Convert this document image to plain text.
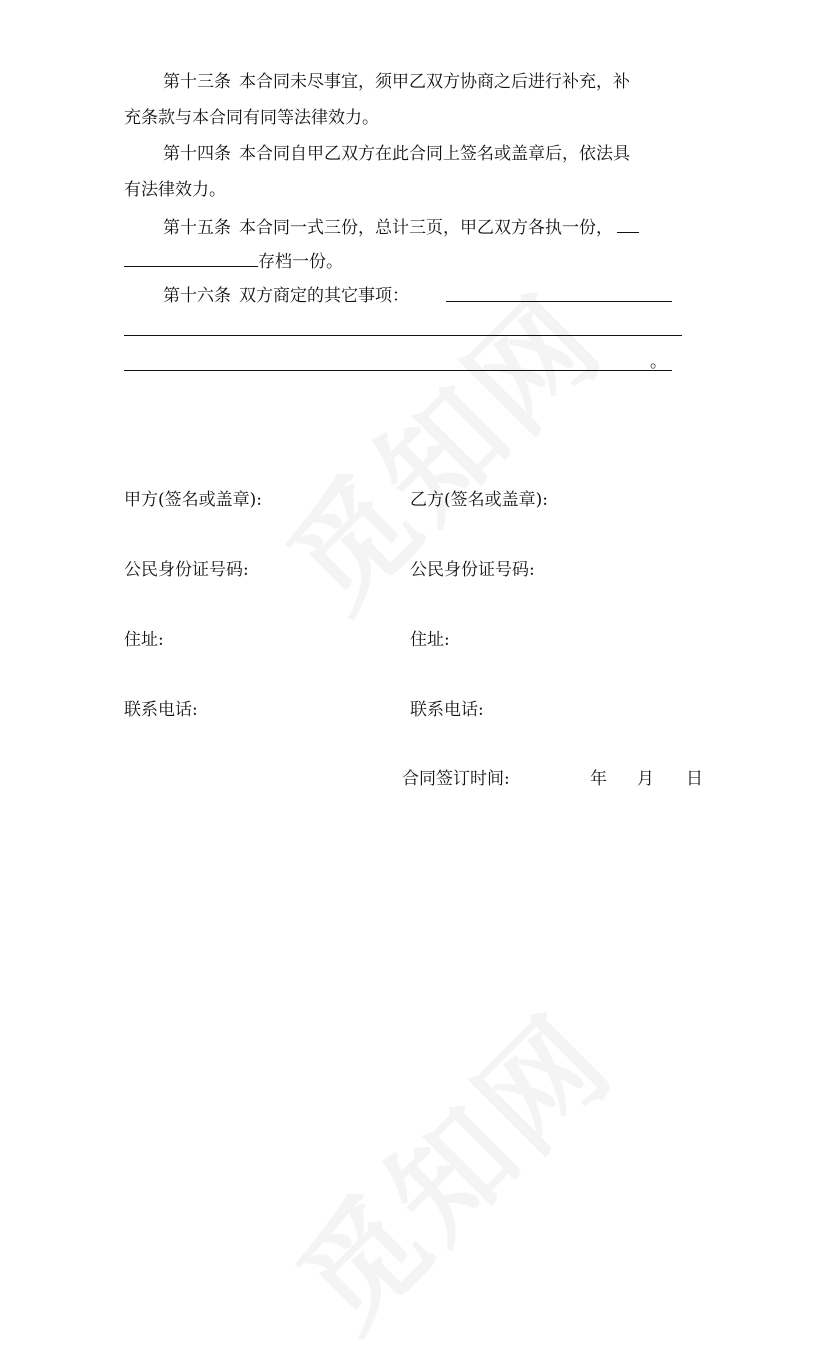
第十三条 本合同未尽事宜，须甲乙双方协商之后进行补充，补
充条款与本合同有同等法律效力。
第十四条 本合同自甲乙双方在此合同上签名或盖章后，依法具
有法律效力。
第十五条 本合同一式三份，总计三页，甲乙双方各执一份，
存档一份。
第十六条 双方商定的其它事项：
。
甲方(签名或盖章):	乙方(签名或盖章):
公民身份证号码:	公民身份证号码:
住址:	住址:
联系电话:	联系电话:
合同签订时间:	年 月 日
